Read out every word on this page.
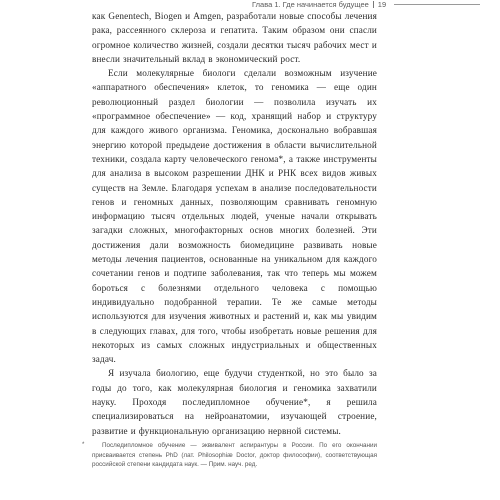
Глава 1. Где начинается будущее 19

как Genentech, Biogen и Amgen, разработали новые способы лечения рака, рассеянного склероза и гепатита. Таким образом они спасли огромное количество жизней, создали десятки тысяч рабочих мест и внесли значительный вклад в экономический рост.

Если молекулярные биологи сделали возможным изучение «аппаратного обеспечения» клеток, то геномика — еще один революционный раздел биологии — позволила изучать их «программное обеспечение» — код, хранящий набор и структуру для каждого живого организма. Геномика, досконально вобравшая энергию которой предыдеие достижения в области вычислительной техники, создала карту человеческого генома*, а также инструменты для анализа в высоком разрешении ДНК и РНК всех видов живых существ на Земле. Благодаря успехам в анализе последовательности генов и геномных данных, позволяющим сравнивать геномную информацию тысяч отдельных людей, ученые начали открывать загадки сложных, многофакторных основ многих болезней. Эти достижения дали возможность биомедицине развивать новые методы лечения пациентов, основанные на уникальном для каждого сочетании генов и подтипе заболевания, так что теперь мы можем бороться с болезнями отдельного человека с помощью индивидуально подобранной терапии. Те же самые методы используются для изучения животных и растений и, как мы увидим в следующих главах, для того, чтобы изобретать новые решения для некоторых из самых сложных индустриальных и общественных задач.

Я изучала биологию, еще будучи студенткой, но это было за годы до того, как молекулярная биология и геномика захватили науку. Проходя последипломное обучение*, я решила специализироваться на нейроанатомии, изучающей строение, развитие и функциональную организацию нервной системы.

*	Последипломное обучение — эквивалент аспирантуры в России. По его окончании присваивается степень PhD (лат. Philosophiæ Doctor, доктор философии), соответствующая российской степени кандидата наук. — Прим. науч. ред.
